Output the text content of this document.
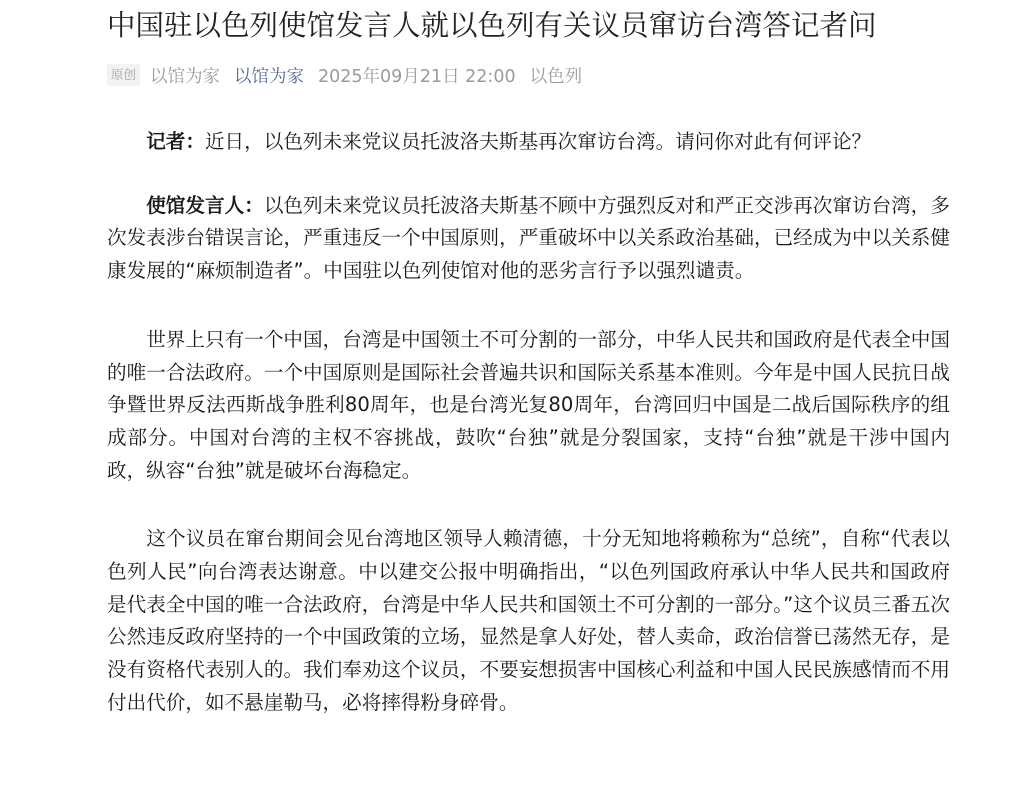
中国驻以色列使馆发言人就以色列有关议员窜访台湾答记者问
原创 以馆为家 以馆为家 2025年09月21日 22:00 以色列

记者：近日，以色列未来党议员托波洛夫斯基再次窜访台湾。请问你对此有何评论？

使馆发言人：以色列未来党议员托波洛夫斯基不顾中方强烈反对和严正交涉再次窜访台湾，多次发表涉台错误言论，严重违反一个中国原则，严重破坏中以关系政治基础，已经成为中以关系健康发展的“麻烦制造者”。中国驻以色列使馆对他的恶劣言行予以强烈谴责。

世界上只有一个中国，台湾是中国领土不可分割的一部分，中华人民共和国政府是代表全中国的唯一合法政府。一个中国原则是国际社会普遍共识和国际关系基本准则。今年是中国人民抗日战争暨世界反法西斯战争胜利80周年，也是台湾光复80周年，台湾回归中国是二战后国际秩序的组成部分。中国对台湾的主权不容挑战，鼓吹“台独”就是分裂国家，支持“台独”就是干涉中国内政，纵容“台独”就是破坏台海稳定。

这个议员在窜台期间会见台湾地区领导人赖清德，十分无知地将赖称为“总统”，自称“代表以色列人民”向台湾表达谢意。中以建交公报中明确指出，“以色列国政府承认中华人民共和国政府是代表全中国的唯一合法政府，台湾是中华人民共和国领土不可分割的一部分。”这个议员三番五次公然违反政府坚持的一个中国政策的立场，显然是拿人好处，替人卖命，政治信誉已荡然无存，是没有资格代表别人的。我们奉劝这个议员，不要妄想损害中国核心利益和中国人民民族感情而不用付出代价，如不悬崖勒马，必将摔得粉身碎骨。
